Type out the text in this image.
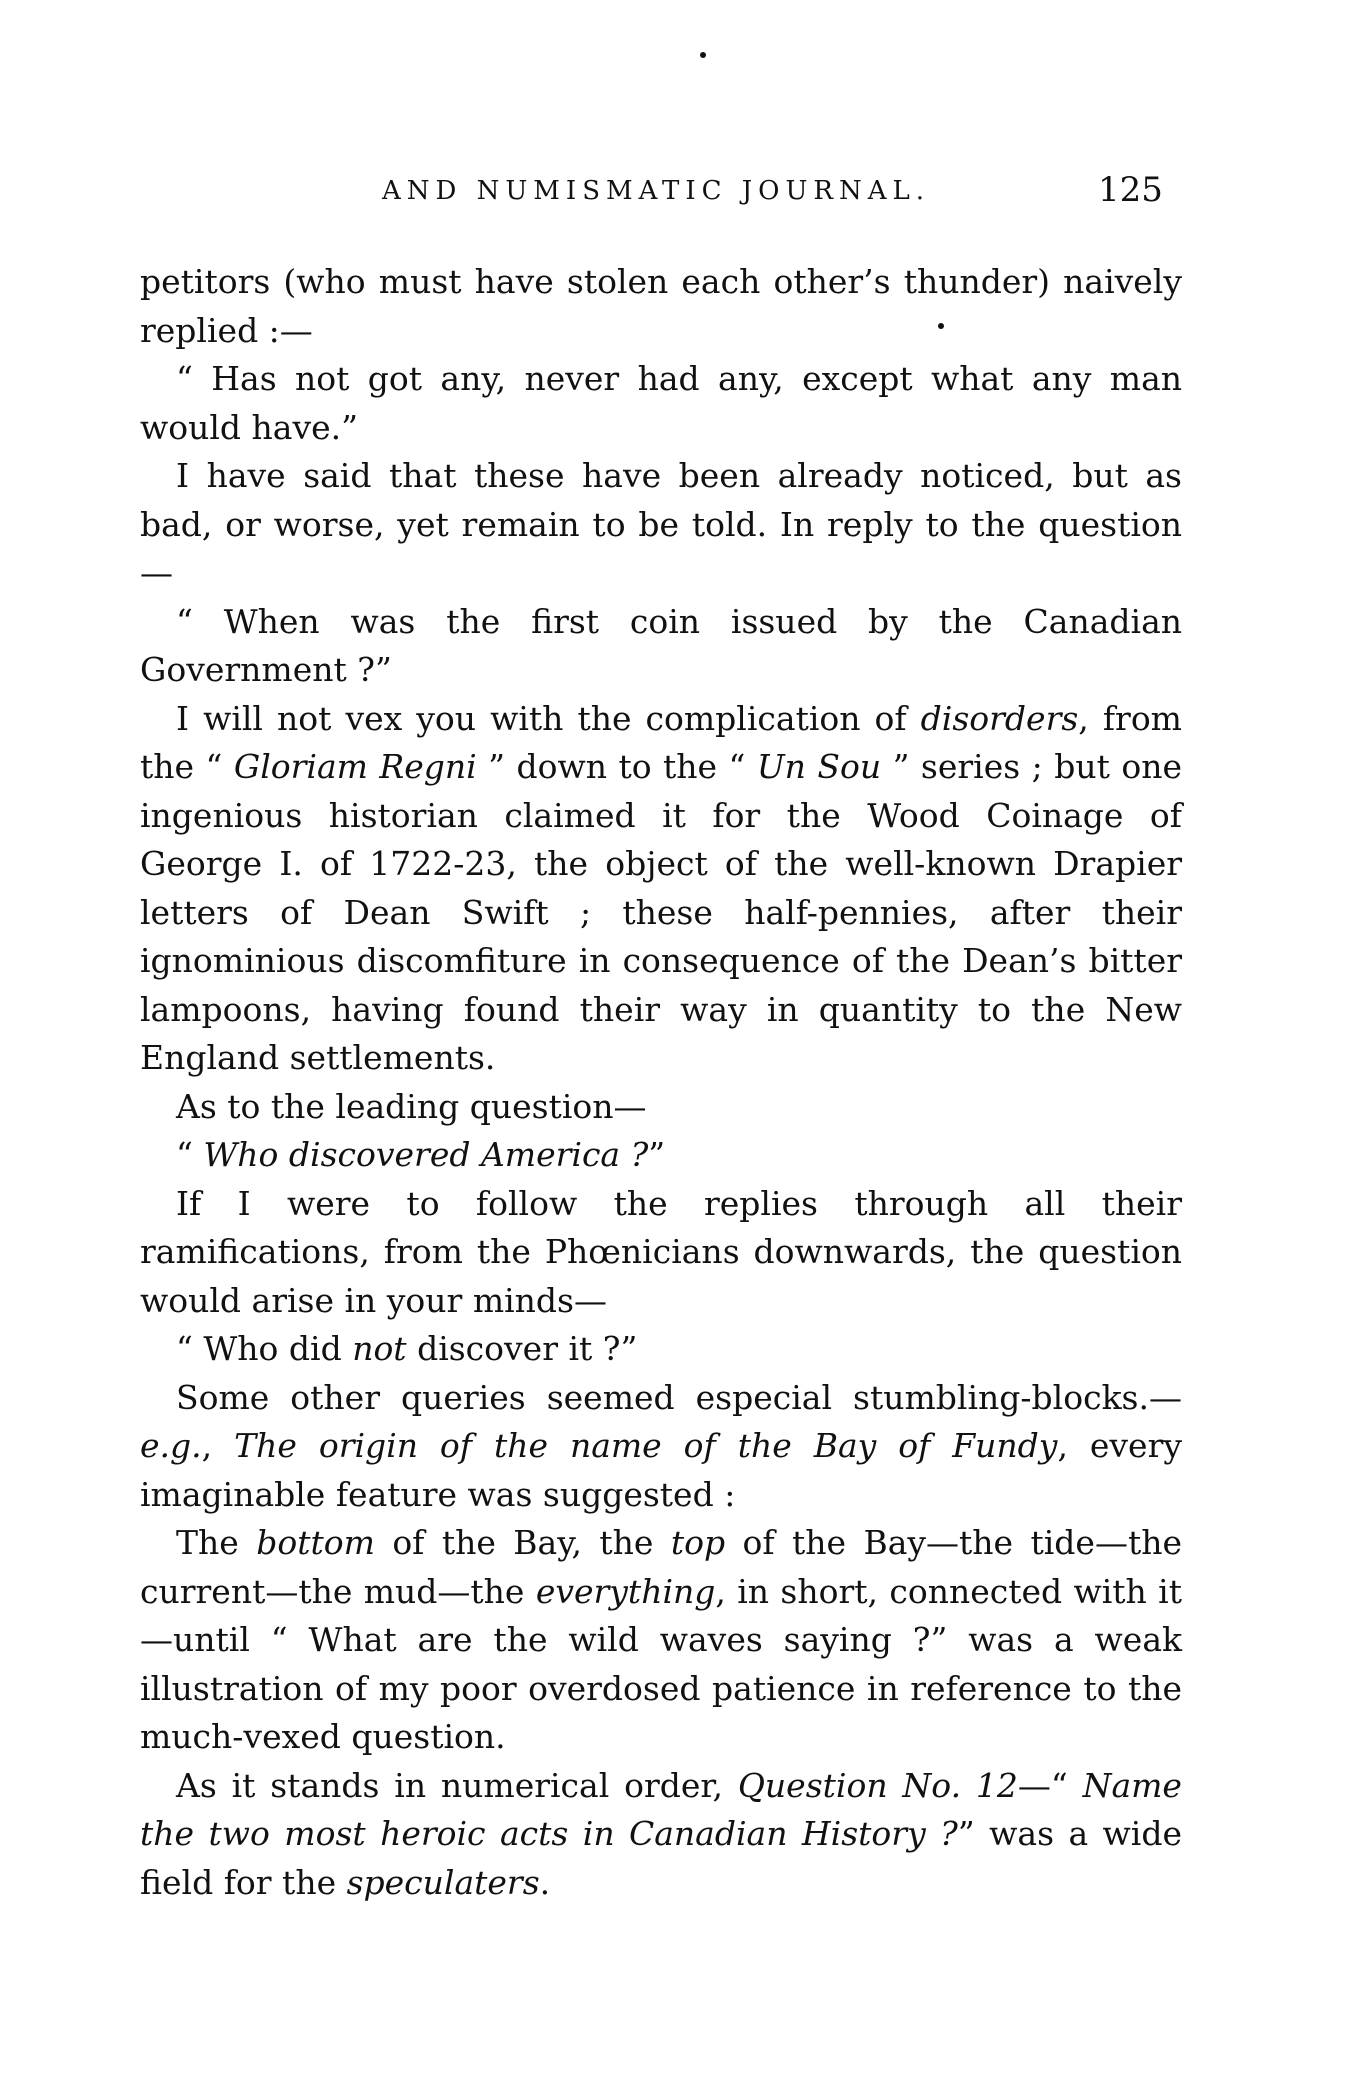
AND NUMISMATIC JOURNAL.	125

petitors (who must have stolen each other’s thunder) naively replied :—

“ Has not got any, never had any, except what any man would have.”

I have said that these have been already noticed, but as bad, or worse, yet remain to be told. In reply to the question—

“ When was the first coin issued by the Canadian Government ?”

I will not vex you with the complication of disorders, from the “ Gloriam Regni ” down to the “ Un Sou ” series ; but one ingenious historian claimed it for the Wood Coinage of George I. of 1722-23, the object of the well-known Drapier letters of Dean Swift ; these half-pennies, after their ignominious discomfiture in consequence of the Dean’s bitter lampoons, having found their way in quantity to the New England settlements.

As to the leading question—

“ Who discovered America ?”

If I were to follow the replies through all their ramifications, from the Phœnicians downwards, the question would arise in your minds—

“ Who did not discover it ?”

Some other queries seemed especial stumbling-blocks.—e.g., The origin of the name of the Bay of Fundy, every imaginable feature was suggested :

The bottom of the Bay, the top of the Bay—the tide—the current—the mud—the everything, in short, connected with it—until “ What are the wild waves saying ?” was a weak illustration of my poor overdosed patience in reference to the much-vexed question.

As it stands in numerical order, Question No. 12—“ Name the two most heroic acts in Canadian History ?” was a wide field for the speculaters.
